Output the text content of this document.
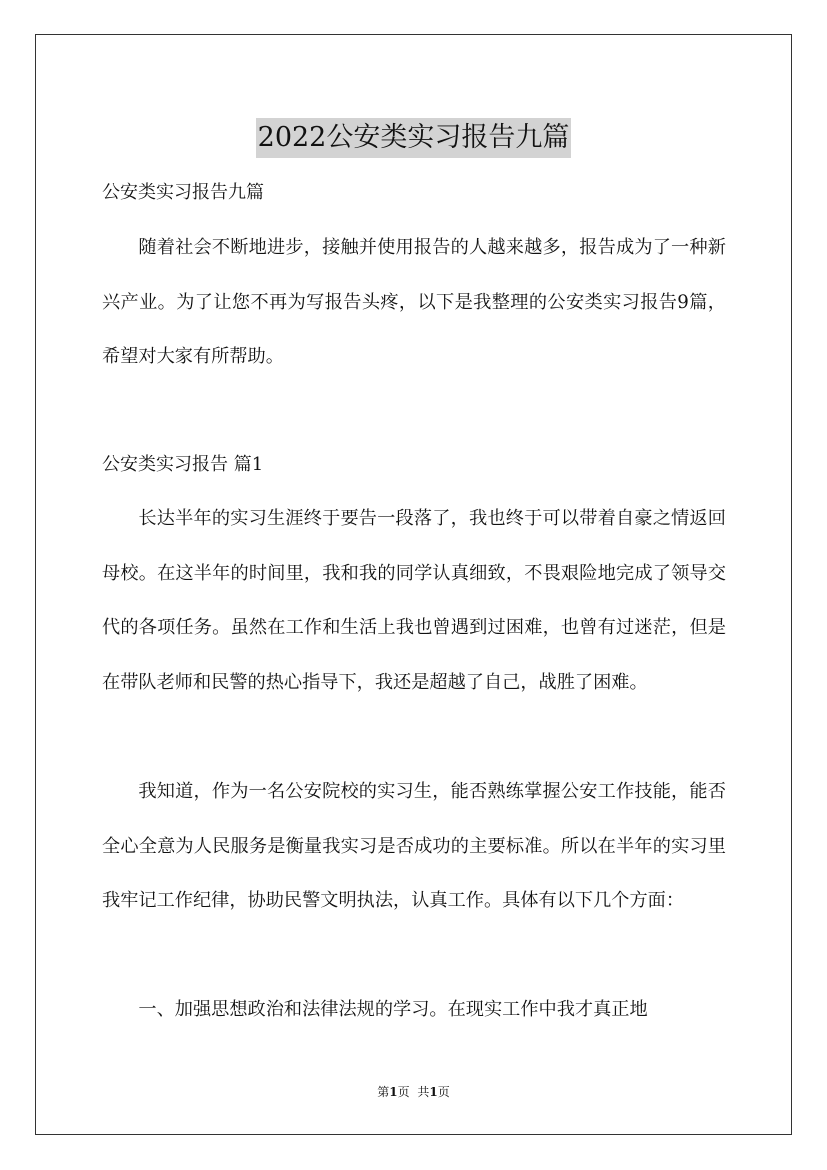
2022公安类实习报告九篇

公安类实习报告九篇

随着社会不断地进步，接触并使用报告的人越来越多，报告成为了一种新兴产业。为了让您不再为写报告头疼，以下是我整理的公安类实习报告9篇，希望对大家有所帮助。

公安类实习报告 篇1

长达半年的实习生涯终于要告一段落了，我也终于可以带着自豪之情返回母校。在这半年的时间里，我和我的同学认真细致，不畏艰险地完成了领导交代的各项任务。虽然在工作和生活上我也曾遇到过困难，也曾有过迷茫，但是在带队老师和民警的热心指导下，我还是超越了自己，战胜了困难。

我知道，作为一名公安院校的实习生，能否熟练掌握公安工作技能，能否全心全意为人民服务是衡量我实习是否成功的主要标准。所以在半年的实习里我牢记工作纪律，协助民警文明执法，认真工作。具体有以下几个方面：

一、加强思想政治和法律法规的学习。在现实工作中我才真正地

第1页 共1页
